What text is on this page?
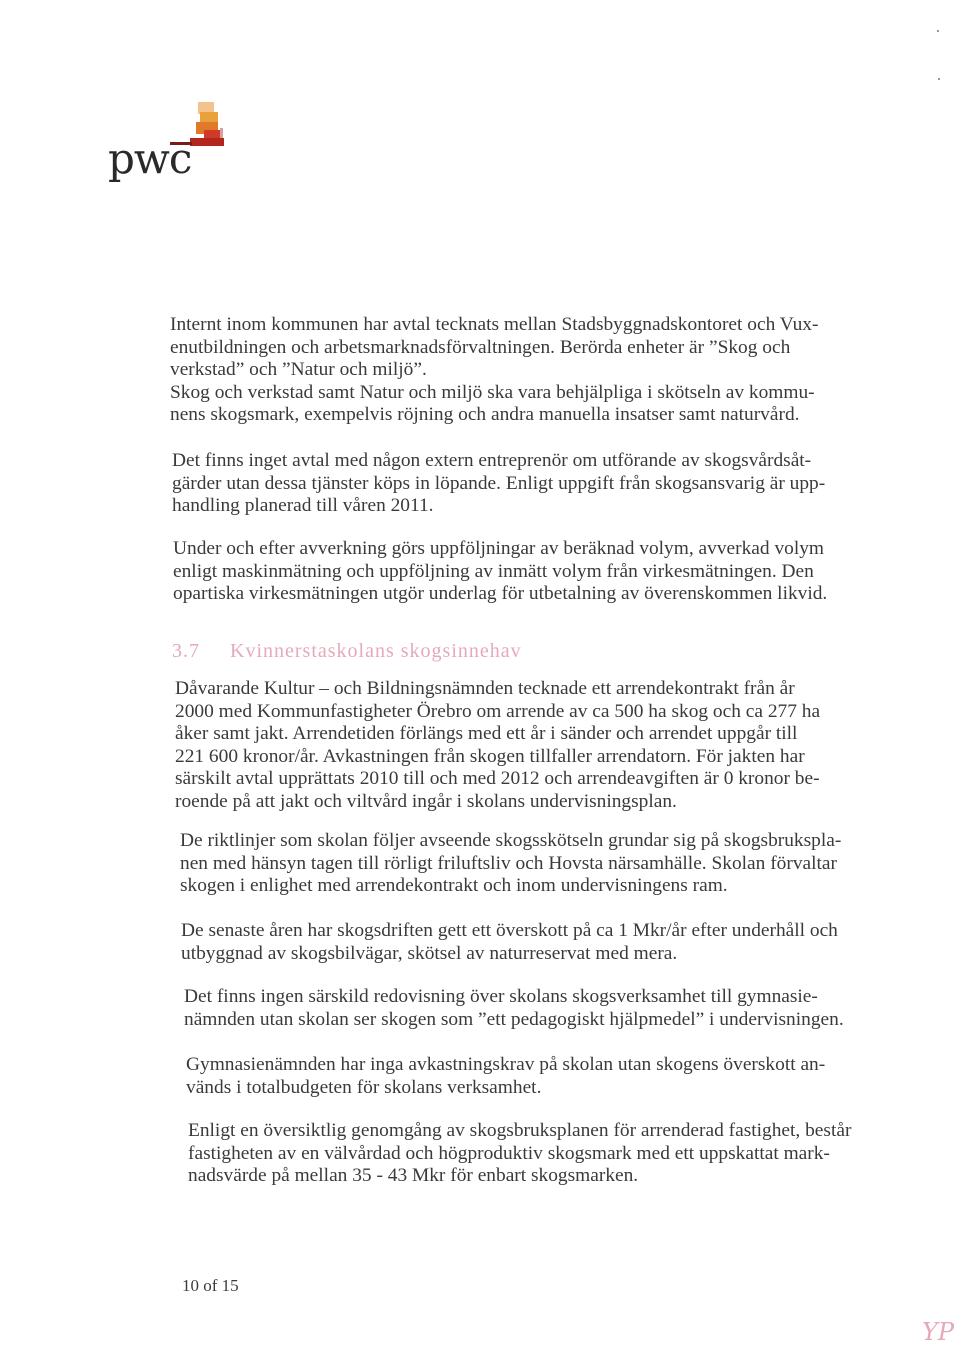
pwc
Internt inom kommunen har avtal tecknats mellan Stadsbyggnadskontoret och Vux-
enutbildningen och arbetsmarknadsförvaltningen. Berörda enheter är ”Skog och
verkstad” och ”Natur och miljö”.
Skog och verkstad samt Natur och miljö ska vara behjälpliga i skötseln av kommu-
nens skogsmark, exempelvis röjning och andra manuella insatser samt naturvård.
Det finns inget avtal med någon extern entreprenör om utförande av skogsvårdsåt-
gärder utan dessa tjänster köps in löpande. Enligt uppgift från skogsansvarig är upp-
handling planerad till våren 2011.
Under och efter avverkning görs uppföljningar av beräknad volym, avverkad volym
enligt maskinmätning och uppföljning av inmätt volym från virkesmätningen. Den
opartiska virkesmätningen utgör underlag för utbetalning av överenskommen likvid.
3.7 Kvinnerstaskolans skogsinnehav
Dåvarande Kultur – och Bildningsnämnden tecknade ett arrendekontrakt från år
2000 med Kommunfastigheter Örebro om arrende av ca 500 ha skog och ca 277 ha
åker samt jakt. Arrendetiden förlängs med ett år i sänder och arrendet uppgår till
221 600 kronor/år. Avkastningen från skogen tillfaller arrendatorn. För jakten har
särskilt avtal upprättats 2010 till och med 2012 och arrendeavgiften är 0 kronor be-
roende på att jakt och viltvård ingår i skolans undervisningsplan.
De riktlinjer som skolan följer avseende skogsskötseln grundar sig på skogsbrukspla-
nen med hänsyn tagen till rörligt friluftsliv och Hovsta närsamhälle. Skolan förvaltar
skogen i enlighet med arrendekontrakt och inom undervisningens ram.
De senaste åren har skogsdriften gett ett överskott på ca 1 Mkr/år efter underhåll och
utbyggnad av skogsbilvägar, skötsel av naturreservat med mera.
Det finns ingen särskild redovisning över skolans skogsverksamhet till gymnasie-
nämnden utan skolan ser skogen som ”ett pedagogiskt hjälpmedel” i undervisningen.
Gymnasienämnden har inga avkastningskrav på skolan utan skogens överskott an-
vänds i totalbudgeten för skolans verksamhet.
Enligt en översiktlig genomgång av skogsbruksplanen för arrenderad fastighet, består
fastigheten av en välvårdad och högproduktiv skogsmark med ett uppskattat mark-
nadsvärde på mellan 35 - 43 Mkr för enbart skogsmarken.
10 of 15
YP
